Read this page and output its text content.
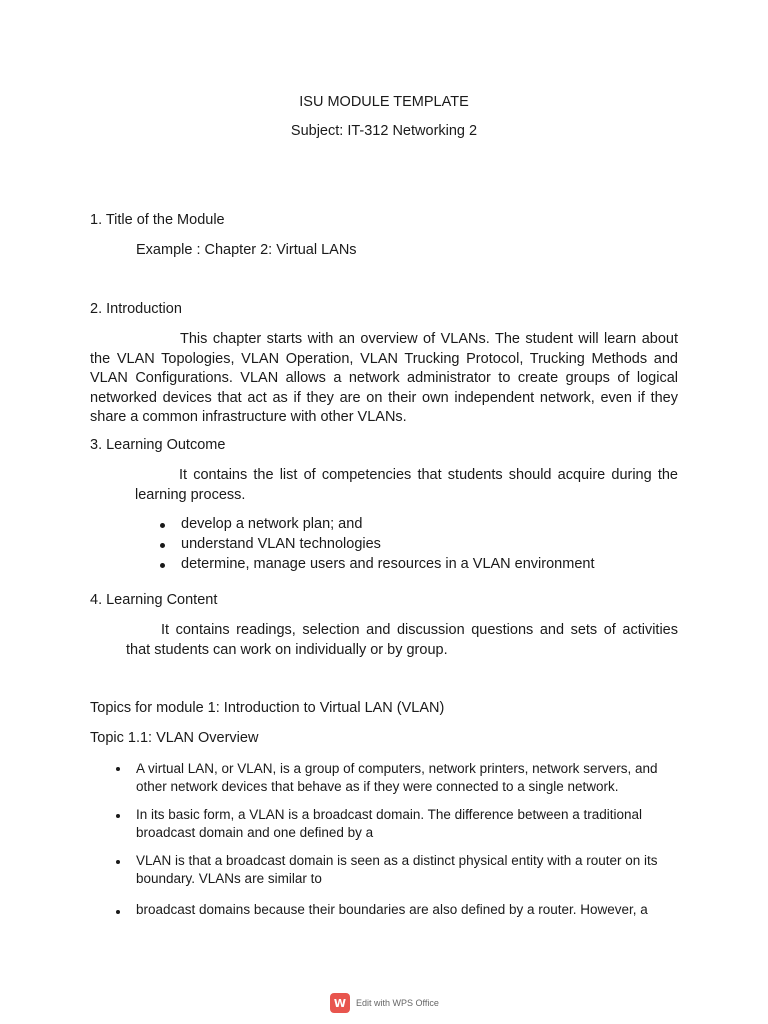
ISU MODULE TEMPLATE
Subject: IT-312 Networking 2
1. Title of the Module
Example : Chapter 2: Virtual LANs
2. Introduction
This chapter starts with an overview of VLANs. The student will learn about the VLAN Topologies, VLAN Operation, VLAN Trucking Protocol, Trucking Methods and VLAN Configurations. VLAN allows a network administrator to create groups of logical networked devices that act as if they are on their own independent network, even if they share a common infrastructure with other VLANs.
3. Learning Outcome
It contains the list of competencies that students should acquire during the learning process.
develop a network plan; and
understand VLAN technologies
determine, manage users and resources in a VLAN environment
4. Learning Content
It contains readings, selection and discussion questions and sets of activities that students can work on individually or by group.
Topics for module 1: Introduction to Virtual LAN (VLAN)
Topic 1.1: VLAN Overview
A virtual LAN, or VLAN, is a group of computers, network printers, network servers, and other network devices that behave as if they were connected to a single network.
In its basic form, a VLAN is a broadcast domain. The difference between a traditional broadcast domain and one defined by a
VLAN is that a broadcast domain is seen as a distinct physical entity with a router on its boundary. VLANs are similar to
broadcast domains because their boundaries are also defined by a router. However, a
W	Edit with WPS Office
